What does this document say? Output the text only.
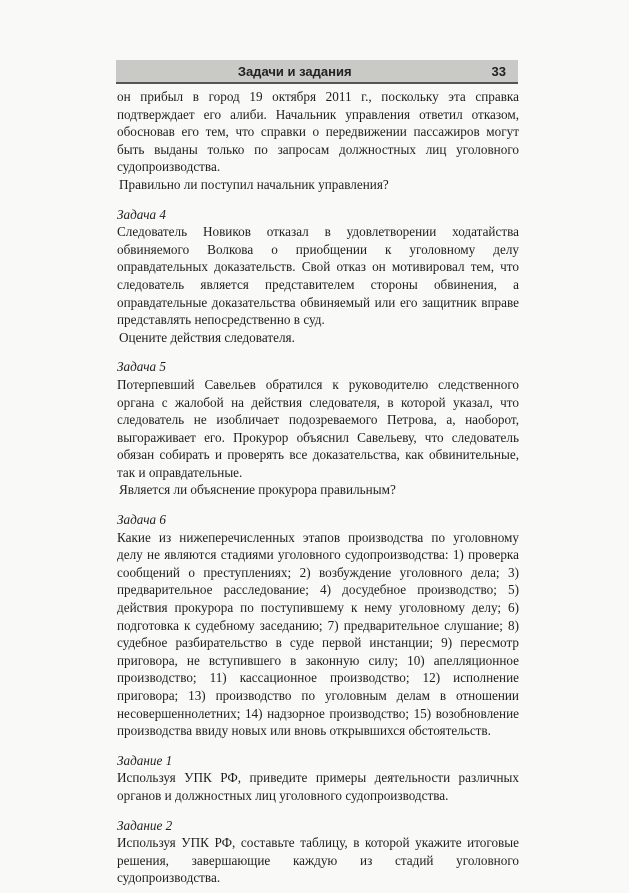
Задачи и задания	33

он прибыл в город 19 октября 2011 г., поскольку эта справка подтверждает его алиби. Начальник управления ответил отказом, обосновав его тем, что справки о передвижении пассажиров могут быть выданы только по запросам должностных лиц уголовного судопроизводства.

Правильно ли поступил начальник управления?

Задача 4

Следователь Новиков отказал в удовлетворении ходатайства обвиняемого Волкова о приобщении к уголовному делу оправдательных доказательств. Свой отказ он мотивировал тем, что следователь является представителем стороны обвинения, а оправдательные доказательства обвиняемый или его защитник вправе представлять непосредственно в суд.

Оцените действия следователя.

Задача 5

Потерпевший Савельев обратился к руководителю следственного органа с жалобой на действия следователя, в которой указал, что следователь не изобличает подозреваемого Петрова, а, наоборот, выгораживает его. Прокурор объяснил Савельеву, что следователь обязан собирать и проверять все доказательства, как обвинительные, так и оправдательные.

Является ли объяснение прокурора правильным?

Задача 6

Какие из нижеперечисленных этапов производства по уголовному делу не являются стадиями уголовного судопроизводства: 1) проверка сообщений о преступлениях; 2) возбуждение уголовного дела; 3) предварительное расследование; 4) досудебное производство; 5) действия прокурора по поступившему к нему уголовному делу; 6) подготовка к судебному заседанию; 7) предварительное слушание; 8) судебное разбирательство в суде первой инстанции; 9) пересмотр приговора, не вступившего в законную силу; 10) апелляционное производство; 11) кассационное производство; 12) исполнение приговора; 13) производство по уголовным делам в отношении несовершеннолетних; 14) надзорное производство; 15) возобновление производства ввиду новых или вновь открывшихся обстоятельств.

Задание 1

Используя УПК РФ, приведите примеры деятельности различных органов и должностных лиц уголовного судопроизводства.

Задание 2

Используя УПК РФ, составьте таблицу, в которой укажите итоговые решения, завершающие каждую из стадий уголовного судопроизводства.
